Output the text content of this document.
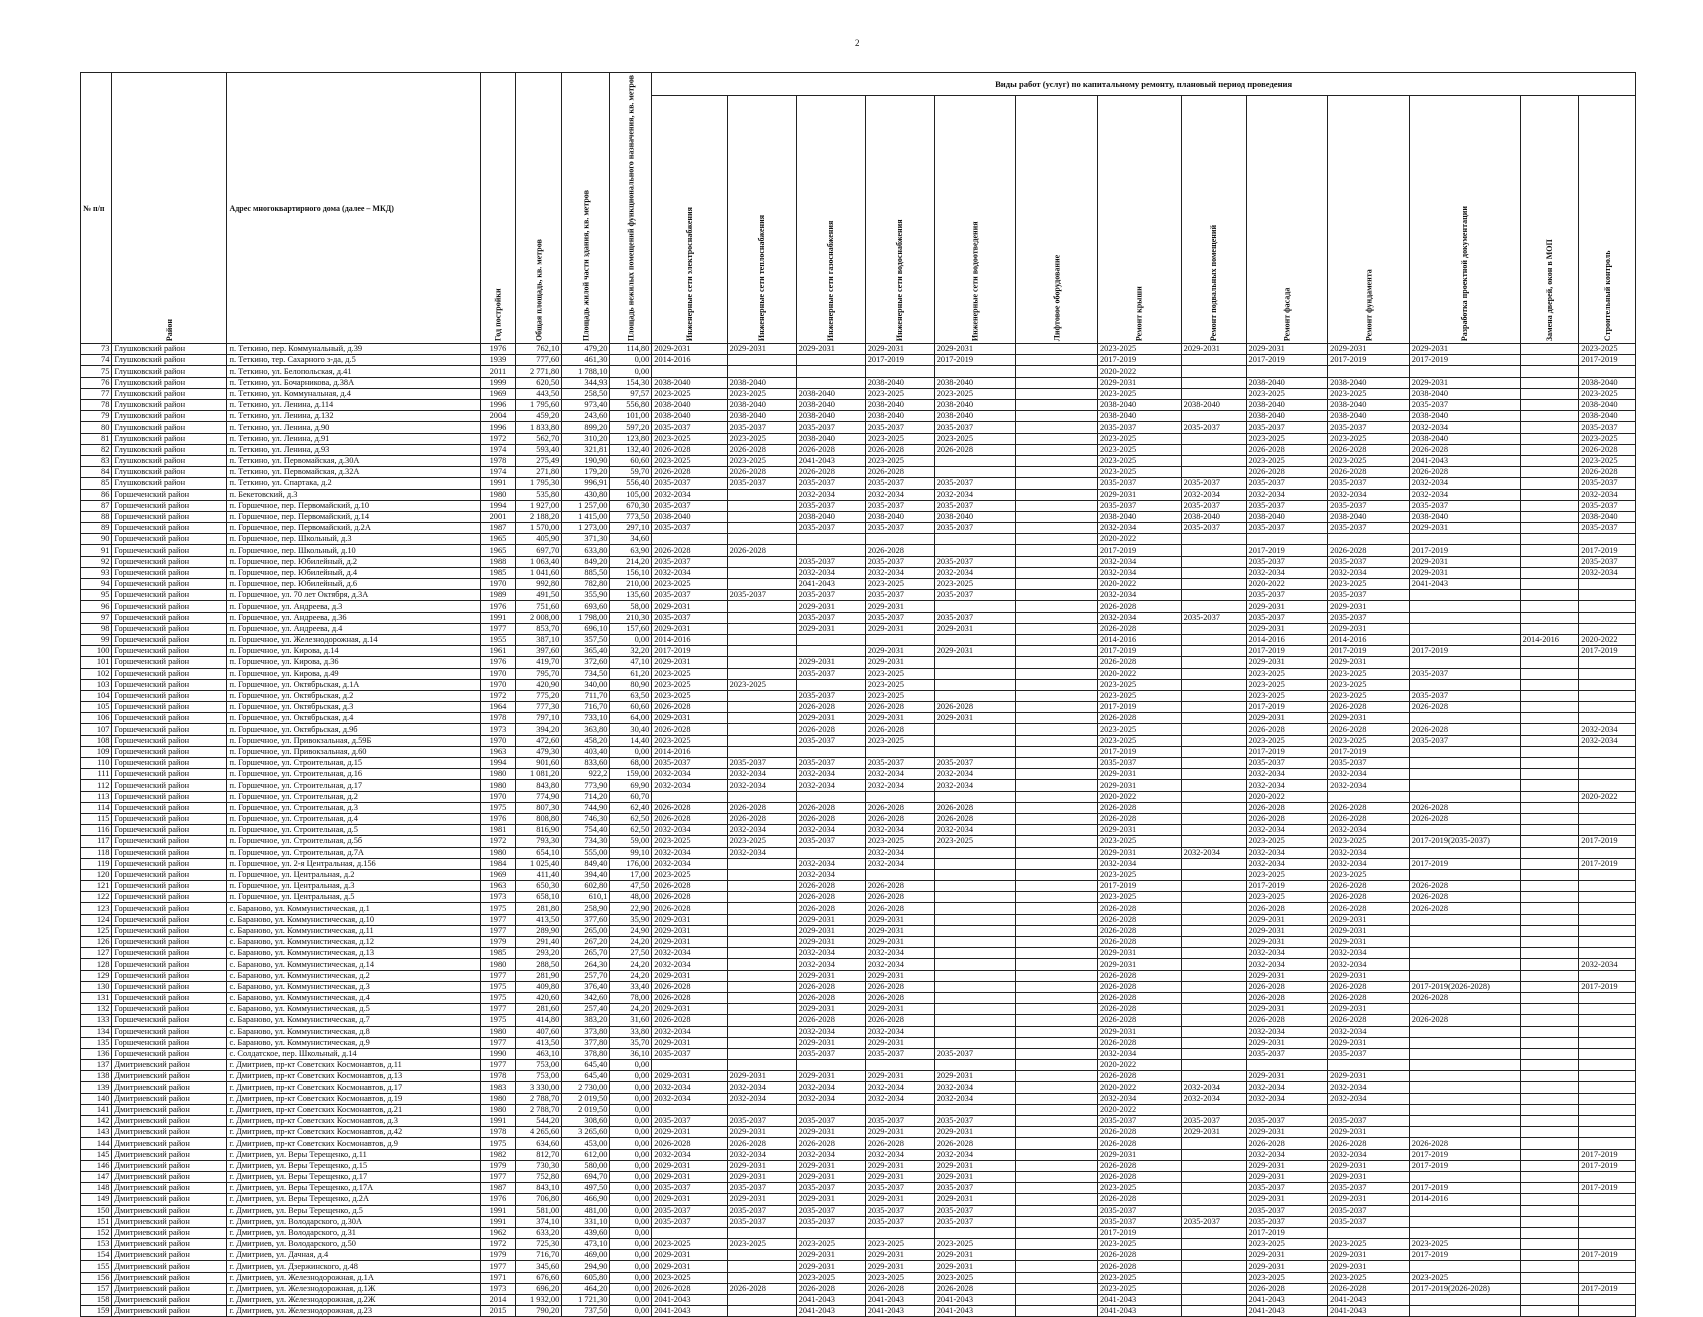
2
№ п/п	Район	Адрес многоквартирного дома (далее – МКД)	Год постройки	Общая площадь, кв. метров	Площадь жилой части здания, кв. метров	Площадь нежилых помещений функционального назначения, кв. метров	Виды работ (услуг) по капитальному ремонту, плановый период проведения												
							Инженерные сети электроснабжения	Инженерные сети теплоснабжения	Инженерные сети газоснабжения	Инженерные сети водоснабжения	Инженерные сети водоотведения	Лифтовое оборудование	Ремонт крыши	Ремонт подвальных помещений	Ремонт фасада	Ремонт фундамента	Разработка проектной документации	Замена дверей, окон в МОП	Строительный контроль
73	Глушковский район	п. Теткино, пер. Коммунальный, д.39	1976	762,10	479,20	114,80	2029-2031	2029-2031	2029-2031	2029-2031	2029-2031		2023-2025	2029-2031	2029-2031	2029-2031	2029-2031		2023-2025
74	Глушковский район	п. Теткино, тер. Сахарного з-да, д.5	1939	777,60	461,30	0,00	2014-2016			2017-2019	2017-2019		2017-2019		2017-2019	2017-2019	2017-2019		2017-2019
75	Глушковский район	п. Теткино, ул. Белопольская, д.41	2011	2 771,80	1 788,10	0,00							2020-2022						
76	Глушковский район	п. Теткино, ул. Бочарникова, д.38А	1999	620,50	344,93	154,30	2038-2040	2038-2040		2038-2040	2038-2040		2029-2031		2038-2040	2038-2040	2029-2031		2038-2040
77	Глушковский район	п. Теткино, ул. Коммунальная, д.4	1969	443,50	258,50	97,57	2023-2025	2023-2025	2038-2040	2023-2025	2023-2025		2023-2025		2023-2025	2023-2025	2038-2040		2023-2025
78	Глушковский район	п. Теткино, ул. Ленина, д.114	1996	1 795,60	973,40	556,80	2038-2040	2038-2040	2038-2040	2038-2040	2038-2040		2038-2040	2038-2040	2038-2040	2038-2040	2035-2037		2038-2040
79	Глушковский район	п. Теткино, ул. Ленина, д.132	2004	459,20	243,60	101,00	2038-2040	2038-2040	2038-2040	2038-2040	2038-2040		2038-2040		2038-2040	2038-2040	2038-2040		2038-2040
80	Глушковский район	п. Теткино, ул. Ленина, д.90	1996	1 833,80	899,20	597,20	2035-2037	2035-2037	2035-2037	2035-2037	2035-2037		2035-2037	2035-2037	2035-2037	2035-2037	2032-2034		2035-2037
81	Глушковский район	п. Теткино, ул. Ленина, д.91	1972	562,70	310,20	123,80	2023-2025	2023-2025	2038-2040	2023-2025	2023-2025		2023-2025		2023-2025	2023-2025	2038-2040		2023-2025
82	Глушковский район	п. Теткино, ул. Ленина, д.93	1974	593,40	321,81	132,40	2026-2028	2026-2028	2026-2028	2026-2028	2026-2028		2023-2025		2026-2028	2026-2028	2026-2028		2026-2028
83	Глушковский район	п. Теткино, ул. Первомайская, д.30А	1978	275,49	190,90	60,60	2023-2025	2023-2025	2041-2043	2023-2025			2023-2025		2023-2025	2023-2025	2041-2043		2023-2025
84	Глушковский район	п. Теткино, ул. Первомайская, д.32А	1974	271,80	179,20	59,70	2026-2028	2026-2028	2026-2028	2026-2028			2023-2025		2026-2028	2026-2028	2026-2028		2026-2028
85	Глушковский район	п. Теткино, ул. Спартака, д.2	1991	1 795,30	996,91	556,40	2035-2037	2035-2037	2035-2037	2035-2037	2035-2037		2035-2037	2035-2037	2035-2037	2035-2037	2032-2034		2035-2037
86	Горшеченский район	п. Бекетовский, д.3	1980	535,80	430,80	105,00	2032-2034		2032-2034	2032-2034	2032-2034		2029-2031	2032-2034	2032-2034	2032-2034	2032-2034		2032-2034
87	Горшеченский район	п. Горшечное, пер. Первомайский, д.10	1994	1 927,00	1 257,00	670,30	2035-2037		2035-2037	2035-2037	2035-2037		2035-2037	2035-2037	2035-2037	2035-2037	2035-2037		2035-2037
88	Горшеченский район	п. Горшечное, пер. Первомайский, д.14	2001	2 188,20	1 415,00	773,50	2038-2040		2038-2040	2038-2040	2038-2040		2038-2040	2038-2040	2038-2040	2038-2040	2038-2040		2038-2040
89	Горшеченский район	п. Горшечное, пер. Первомайский, д.2А	1987	1 570,00	1 273,00	297,10	2035-2037		2035-2037	2035-2037	2035-2037		2032-2034	2035-2037	2035-2037	2035-2037	2029-2031		2035-2037
90	Горшеченский район	п. Горшечное, пер. Школьный, д.3	1965	405,90	371,30	34,60							2020-2022						
91	Горшеченский район	п. Горшечное, пер. Школьный, д.10	1965	697,70	633,80	63,90	2026-2028	2026-2028		2026-2028			2017-2019		2017-2019	2026-2028	2017-2019		2017-2019
92	Горшеченский район	п. Горшечное, пер. Юбилейный, д.2	1988	1 063,40	849,20	214,20	2035-2037		2035-2037	2035-2037	2035-2037		2032-2034		2035-2037	2035-2037	2029-2031		2035-2037
93	Горшеченский район	п. Горшечное, пер. Юбилейный, д.4	1985	1 041,60	885,50	156,10	2032-2034		2032-2034	2032-2034	2032-2034		2032-2034		2032-2034	2032-2034	2029-2031		2032-2034
94	Горшеченский район	п. Горшечное, пер. Юбилейный, д.6	1970	992,80	782,80	210,00	2023-2025		2041-2043	2023-2025	2023-2025		2020-2022		2020-2022	2023-2025	2041-2043		
95	Горшеченский район	п. Горшечное, ул. 70 лет Октября, д.3А	1989	491,50	355,90	135,60	2035-2037	2035-2037	2035-2037	2035-2037	2035-2037		2032-2034		2035-2037	2035-2037			
96	Горшеченский район	п. Горшечное, ул. Андреева, д.3	1976	751,60	693,60	58,00	2029-2031		2029-2031	2029-2031			2026-2028		2029-2031	2029-2031			
97	Горшеченский район	п. Горшечное, ул. Андреева, д.36	1991	2 008,00	1 798,00	210,30	2035-2037		2035-2037	2035-2037	2035-2037		2032-2034	2035-2037	2035-2037	2035-2037			
98	Горшеченский район	п. Горшечное, ул. Андреева, д.4	1977	853,70	696,10	157,60	2029-2031		2029-2031	2029-2031	2029-2031		2026-2028		2029-2031	2029-2031			
99	Горшеченский район	п. Горшечное, ул. Железнодорожная, д.14	1955	387,10	357,50	0,00	2014-2016						2014-2016		2014-2016	2014-2016		2014-2016	2020-2022
100	Горшеченский район	п. Горшечное, ул. Кирова, д.14	1961	397,60	365,40	32,20	2017-2019			2029-2031	2029-2031		2017-2019		2017-2019	2017-2019	2017-2019		2017-2019
101	Горшеченский район	п. Горшечное, ул. Кирова, д.36	1976	419,70	372,60	47,10	2029-2031		2029-2031	2029-2031			2026-2028		2029-2031	2029-2031			
102	Горшеченский район	п. Горшечное, ул. Кирова, д.49	1970	795,70	734,50	61,20	2023-2025		2035-2037	2023-2025			2020-2022		2023-2025	2023-2025	2035-2037		
103	Горшеченский район	п. Горшечное, ул. Октябрьская, д.1А	1970	420,90	340,00	80,90	2023-2025	2023-2025		2023-2025			2023-2025		2023-2025	2023-2025			
104	Горшеченский район	п. Горшечное, ул. Октябрьская, д.2	1972	775,20	711,70	63,50	2023-2025		2035-2037	2023-2025			2023-2025		2023-2025	2023-2025	2035-2037		
105	Горшеченский район	п. Горшечное, ул. Октябрьская, д.3	1964	777,30	716,70	60,60	2026-2028		2026-2028	2026-2028	2026-2028		2017-2019		2017-2019	2026-2028	2026-2028		
106	Горшеченский район	п. Горшечное, ул. Октябрьская, д.4	1978	797,10	733,10	64,00	2029-2031		2029-2031	2029-2031	2029-2031		2026-2028		2029-2031	2029-2031			
107	Горшеченский район	п. Горшечное, ул. Октябрьская, д.9б	1973	394,20	363,80	30,40	2026-2028		2026-2028	2026-2028			2023-2025		2026-2028	2026-2028	2026-2028		2032-2034
108	Горшеченский район	п. Горшечное, ул. Привокзальная, д.59Б	1970	472,60	458,20	14,40	2023-2025		2035-2037	2023-2025			2023-2025		2023-2025	2023-2025	2035-2037		2032-2034
109	Горшеченский район	п. Горшечное, ул. Привокзальная, д.60	1963	479,30	403,40	0,00	2014-2016						2017-2019		2017-2019	2017-2019			
110	Горшеченский район	п. Горшечное, ул. Строительная, д.15	1994	901,60	833,60	68,00	2035-2037	2035-2037	2035-2037	2035-2037	2035-2037		2035-2037		2035-2037	2035-2037			
111	Горшеченский район	п. Горшечное, ул. Строительная, д.16	1980	1 081,20	922,2	159,00	2032-2034	2032-2034	2032-2034	2032-2034	2032-2034		2029-2031		2032-2034	2032-2034			
112	Горшеченский район	п. Горшечное, ул. Строительная, д.17	1980	843,80	773,90	69,90	2032-2034	2032-2034	2032-2034	2032-2034	2032-2034		2029-2031		2032-2034	2032-2034			
113	Горшеченский район	п. Горшечное, ул. Строительная, д.2	1970	774,90	714,20	60,70							2020-2022		2020-2022				2020-2022
114	Горшеченский район	п. Горшечное, ул. Строительная, д.3	1975	807,30	744,90	62,40	2026-2028	2026-2028	2026-2028	2026-2028	2026-2028		2026-2028		2026-2028	2026-2028	2026-2028		
115	Горшеченский район	п. Горшечное, ул. Строительная, д.4	1976	808,80	746,30	62,50	2026-2028	2026-2028	2026-2028	2026-2028	2026-2028		2026-2028		2026-2028	2026-2028	2026-2028		
116	Горшеченский район	п. Горшечное, ул. Строительная, д.5	1981	816,90	754,40	62,50	2032-2034	2032-2034	2032-2034	2032-2034	2032-2034		2029-2031		2032-2034	2032-2034			
117	Горшеченский район	п. Горшечное, ул. Строительная, д.5б	1972	793,30	734,30	59,00	2023-2025	2023-2025	2035-2037	2023-2025	2023-2025		2023-2025		2023-2025	2023-2025	2017-2019(2035-2037)		2017-2019
118	Горшеченский район	п. Горшечное, ул. Строительная, д.7А	1980	654,10	555,00	99,10	2032-2034	2032-2034		2032-2034			2029-2031	2032-2034	2032-2034	2032-2034			
119	Горшеченский район	п. Горшечное, ул. 2-я Центральная, д.156	1984	1 025,40	849,40	176,00	2032-2034		2032-2034	2032-2034			2032-2034		2032-2034	2032-2034	2017-2019		2017-2019
120	Горшеченский район	п. Горшечное, ул. Центральная, д.2	1969	411,40	394,40	17,00	2023-2025		2032-2034				2023-2025		2023-2025	2023-2025			
121	Горшеченский район	п. Горшечное, ул. Центральная, д.3	1963	650,30	602,80	47,50	2026-2028		2026-2028	2026-2028			2017-2019		2017-2019	2026-2028	2026-2028		
122	Горшеченский район	п. Горшечное, ул. Центральная, д.5	1973	658,10	610,1	48,00	2026-2028		2026-2028	2026-2028			2023-2025		2023-2025	2026-2028	2026-2028		
123	Горшеченский район	с. Бараново, ул. Коммунистическая, д.1	1975	281,80	258,90	22,90	2026-2028		2026-2028	2026-2028			2026-2028		2026-2028	2026-2028	2026-2028		
124	Горшеченский район	с. Бараново, ул. Коммунистическая, д.10	1977	413,50	377,60	35,90	2029-2031		2029-2031	2029-2031			2026-2028		2029-2031	2029-2031			
125	Горшеченский район	с. Бараново, ул. Коммунистическая, д.11	1977	289,90	265,00	24,90	2029-2031		2029-2031	2029-2031			2026-2028		2029-2031	2029-2031			
126	Горшеченский район	с. Бараново, ул. Коммунистическая, д.12	1979	291,40	267,20	24,20	2029-2031		2029-2031	2029-2031			2026-2028		2029-2031	2029-2031			
127	Горшеченский район	с. Бараново, ул. Коммунистическая, д.13	1985	293,20	265,70	27,50	2032-2034		2032-2034	2032-2034			2029-2031		2032-2034	2032-2034			
128	Горшеченский район	с. Бараново, ул. Коммунистическая, д.14	1980	288,50	264,30	24,20	2032-2034		2032-2034	2032-2034			2029-2031		2032-2034	2032-2034			2032-2034
129	Горшеченский район	с. Бараново, ул. Коммунистическая, д.2	1977	281,90	257,70	24,20	2029-2031		2029-2031	2029-2031			2026-2028		2029-2031	2029-2031			
130	Горшеченский район	с. Бараново, ул. Коммунистическая, д.3	1975	409,80	376,40	33,40	2026-2028		2026-2028	2026-2028			2026-2028		2026-2028	2026-2028	2017-2019(2026-2028)		2017-2019
131	Горшеченский район	с. Бараново, ул. Коммунистическая, д.4	1975	420,60	342,60	78,00	2026-2028		2026-2028	2026-2028			2026-2028		2026-2028	2026-2028	2026-2028		
132	Горшеченский район	с. Бараново, ул. Коммунистическая, д.5	1977	281,60	257,40	24,20	2029-2031		2029-2031	2029-2031			2026-2028		2029-2031	2029-2031			
133	Горшеченский район	с. Бараново, ул. Коммунистическая, д.7	1975	414,80	383,20	31,60	2026-2028		2026-2028	2026-2028			2026-2028		2026-2028	2026-2028	2026-2028		
134	Горшеченский район	с. Бараново, ул. Коммунистическая, д.8	1980	407,60	373,80	33,80	2032-2034		2032-2034	2032-2034			2029-2031		2032-2034	2032-2034			
135	Горшеченский район	с. Бараново, ул. Коммунистическая, д.9	1977	413,50	377,80	35,70	2029-2031		2029-2031	2029-2031			2026-2028		2029-2031	2029-2031			
136	Горшеченский район	с. Солдатское, пер. Школьный, д.14	1990	463,10	378,80	36,10	2035-2037		2035-2037	2035-2037	2035-2037		2032-2034		2035-2037	2035-2037			
137	Дмитриевский район	г. Дмитриев, пр-кт Советских Космонавтов, д.11	1977	753,00	645,40	0,00							2020-2022						
138	Дмитриевский район	г. Дмитриев, пр-кт Советских Космонавтов, д.13	1978	753,00	645,40	0,00	2029-2031	2029-2031	2029-2031	2029-2031	2029-2031		2026-2028		2029-2031	2029-2031			
139	Дмитриевский район	г. Дмитриев, пр-кт Советских Космонавтов, д.17	1983	3 330,00	2 730,00	0,00	2032-2034	2032-2034	2032-2034	2032-2034	2032-2034		2020-2022	2032-2034	2032-2034	2032-2034			
140	Дмитриевский район	г. Дмитриев, пр-кт Советских Космонавтов, д.19	1980	2 788,70	2 019,50	0,00	2032-2034	2032-2034	2032-2034	2032-2034	2032-2034		2032-2034	2032-2034	2032-2034	2032-2034			
141	Дмитриевский район	г. Дмитриев, пр-кт Советских Космонавтов, д.21	1980	2 788,70	2 019,50	0,00							2020-2022						
142	Дмитриевский район	г. Дмитриев, пр-кт Советских Космонавтов, д.3	1991	544,20	308,60	0,00	2035-2037	2035-2037	2035-2037	2035-2037	2035-2037		2035-2037	2035-2037	2035-2037	2035-2037			
143	Дмитриевский район	г. Дмитриев, пр-кт Советских Космонавтов, д.42	1978	4 265,60	3 265,60	0,00	2029-2031	2029-2031	2029-2031	2029-2031	2029-2031		2026-2028	2029-2031	2029-2031	2029-2031			
144	Дмитриевский район	г. Дмитриев, пр-кт Советских Космонавтов, д.9	1975	634,60	453,00	0,00	2026-2028	2026-2028	2026-2028	2026-2028	2026-2028		2026-2028		2026-2028	2026-2028	2026-2028		
145	Дмитриевский район	г. Дмитриев, ул. Веры Терещенко, д.11	1982	812,70	612,00	0,00	2032-2034	2032-2034	2032-2034	2032-2034	2032-2034		2029-2031		2032-2034	2032-2034	2017-2019		2017-2019
146	Дмитриевский район	г. Дмитриев, ул. Веры Терещенко, д.15	1979	730,30	580,00	0,00	2029-2031	2029-2031	2029-2031	2029-2031	2029-2031		2026-2028		2029-2031	2029-2031	2017-2019		2017-2019
147	Дмитриевский район	г. Дмитриев, ул. Веры Терещенко, д.17	1977	752,80	694,70	0,00	2029-2031	2029-2031	2029-2031	2029-2031	2029-2031		2026-2028		2029-2031	2029-2031			
148	Дмитриевский район	г. Дмитриев, ул. Веры Терещенко, д.17А	1987	843,10	497,50	0,00	2035-2037	2035-2037	2035-2037	2035-2037	2035-2037		2023-2025		2035-2037	2035-2037	2017-2019		2017-2019
149	Дмитриевский район	г. Дмитриев, ул. Веры Терещенко, д.2А	1976	706,80	466,90	0,00	2029-2031	2029-2031	2029-2031	2029-2031	2029-2031		2026-2028		2029-2031	2029-2031	2014-2016		
150	Дмитриевский район	г. Дмитриев, ул. Веры Терещенко, д.5	1991	581,00	481,00	0,00	2035-2037	2035-2037	2035-2037	2035-2037	2035-2037		2035-2037		2035-2037	2035-2037			
151	Дмитриевский район	г. Дмитриев, ул. Володарского, д.30А	1991	374,10	331,10	0,00	2035-2037	2035-2037	2035-2037	2035-2037	2035-2037		2035-2037	2035-2037	2035-2037	2035-2037			
152	Дмитриевский район	г. Дмитриев, ул. Володарского, д.31	1962	633,20	439,60	0,00							2017-2019		2017-2019				
153	Дмитриевский район	г. Дмитриев, ул. Володарского, д.50	1972	725,30	473,10	0,00	2023-2025	2023-2025	2023-2025	2023-2025	2023-2025		2023-2025		2023-2025	2023-2025	2023-2025		
154	Дмитриевский район	г. Дмитриев, ул. Дачная, д.4	1979	716,70	469,00	0,00	2029-2031		2029-2031	2029-2031	2029-2031		2026-2028		2029-2031	2029-2031	2017-2019		2017-2019
155	Дмитриевский район	г. Дмитриев, ул. Дзержинского, д.48	1977	345,60	294,90	0,00	2029-2031		2029-2031	2029-2031	2029-2031		2026-2028		2029-2031	2029-2031			
156	Дмитриевский район	г. Дмитриев, ул. Железнодорожная, д.1А	1971	676,60	605,80	0,00	2023-2025		2023-2025	2023-2025	2023-2025		2023-2025		2023-2025	2023-2025	2023-2025		
157	Дмитриевский район	г. Дмитриев, ул. Железнодорожная, д.1Ж	1973	696,20	464,20	0,00	2026-2028	2026-2028	2026-2028	2026-2028	2026-2028		2023-2025		2026-2028	2026-2028	2017-2019(2026-2028)		2017-2019
158	Дмитриевский район	г. Дмитриев, ул. Железнодорожная, д.2Ж	2014	1 932,00	1 721,30	0,00	2041-2043		2041-2043	2041-2043	2041-2043		2041-2043		2041-2043	2041-2043			
159	Дмитриевский район	г. Дмитриев, ул. Железнодорожная, д.23	2015	790,20	737,50	0,00	2041-2043		2041-2043	2041-2043	2041-2043		2041-2043		2041-2043	2041-2043			
